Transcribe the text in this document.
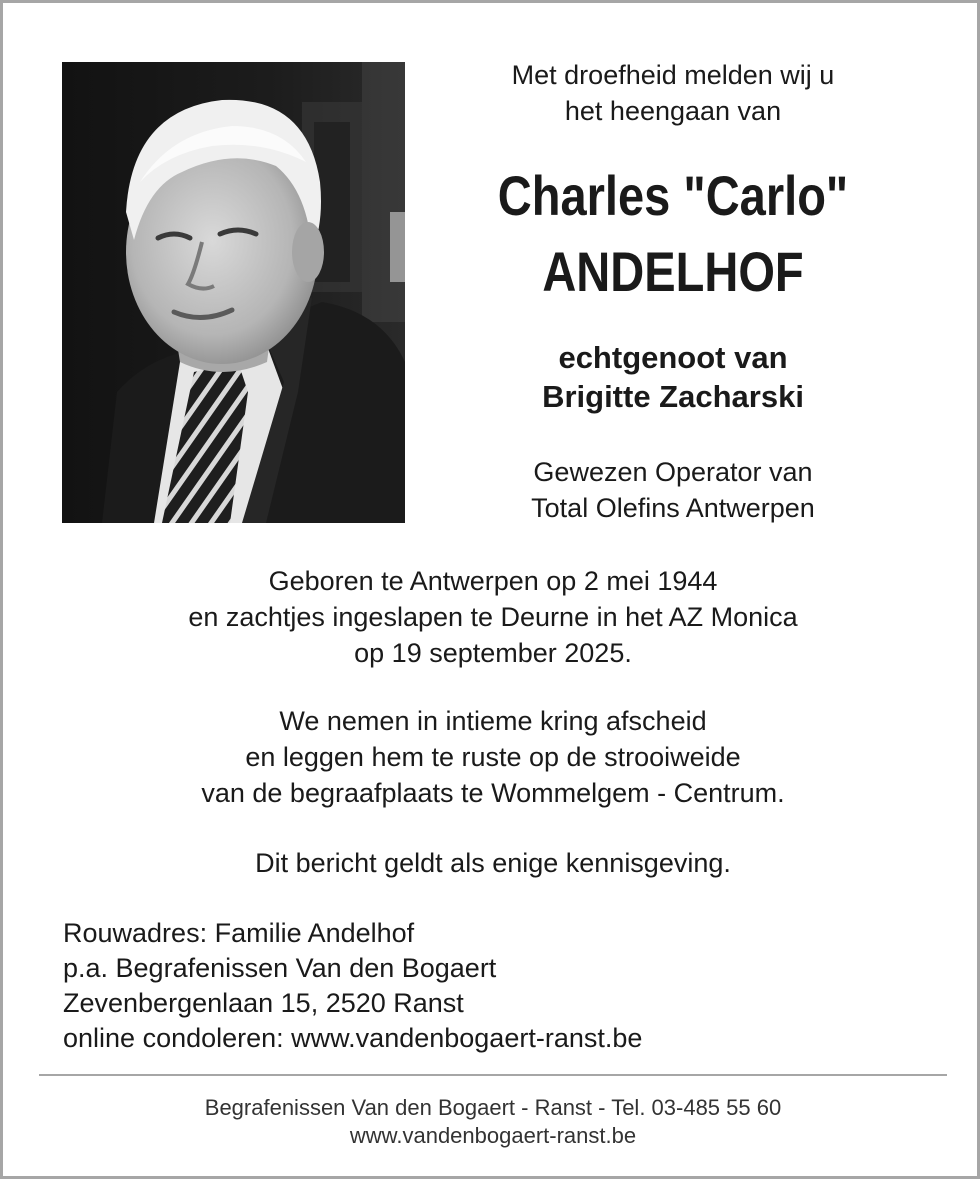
Met droefheid melden wij u
het heengaan van
Charles "Carlo"
ANDELHOF
echtgenoot van
Brigitte Zacharski
Gewezen Operator van
Total Olefins Antwerpen
Geboren te Antwerpen op 2 mei 1944
en zachtjes ingeslapen te Deurne in het AZ Monica
op 19 september 2025.
We nemen in intieme kring afscheid
en leggen hem te ruste op de strooiweide
van de begraafplaats te Wommelgem - Centrum.
Dit bericht geldt als enige kennisgeving.
Rouwadres: Familie Andelhof
p.a. Begrafenissen Van den Bogaert
Zevenbergenlaan 15, 2520 Ranst
online condoleren: www.vandenbogaert-ranst.be
Begrafenissen Van den Bogaert - Ranst - Tel. 03-485 55 60
www.vandenbogaert-ranst.be
